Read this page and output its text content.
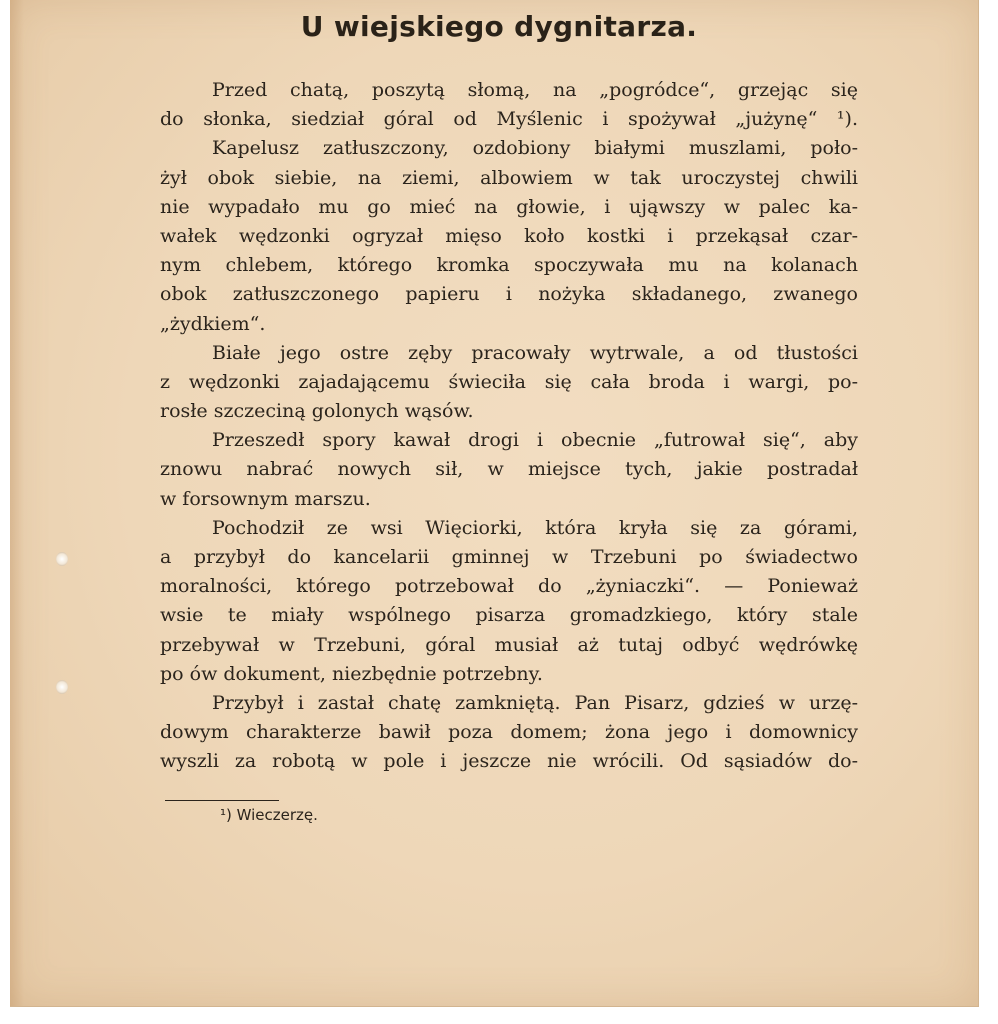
U wiejskiego dygnitarza.
Przed chatą, poszytą słomą, na „pogródce“, grzejąc się
do słonka, siedział góral od Myślenic i spożywał „jużynę“ ¹).
Kapelusz zatłuszczony, ozdobiony białymi muszlami, poło-
żył obok siebie, na ziemi, albowiem w tak uroczystej chwili
nie wypadało mu go mieć na głowie, i ująwszy w palec ka-
wałek wędzonki ogryzał mięso koło kostki i przekąsał czar-
nym chlebem, którego kromka spoczywała mu na kolanach
obok zatłuszczonego papieru i nożyka składanego, zwanego
„żydkiem“.
Białe jego ostre zęby pracowały wytrwale, a od tłustości
z wędzonki zajadającemu świeciła się cała broda i wargi, po-
rosłe szczeciną golonych wąsów.
Przeszedł spory kawał drogi i obecnie „futrował się“, aby
znowu nabrać nowych sił, w miejsce tych, jakie postradał
w forsownym marszu.
Pochodził ze wsi Więciorki, która kryła się za górami,
a przybył do kancelarii gminnej w Trzebuni po świadectwo
moralności, którego potrzebował do „żyniaczki“. — Ponieważ
wsie te miały wspólnego pisarza gromadzkiego, który stale
przebywał w Trzebuni, góral musiał aż tutaj odbyć wędrówkę
po ów dokument, niezbędnie potrzebny.
Przybył i zastał chatę zamkniętą. Pan Pisarz, gdzieś w urzę-
dowym charakterze bawił poza domem; żona jego i domownicy
wyszli za robotą w pole i jeszcze nie wrócili. Od sąsiadów do-
¹) Wieczerzę.
